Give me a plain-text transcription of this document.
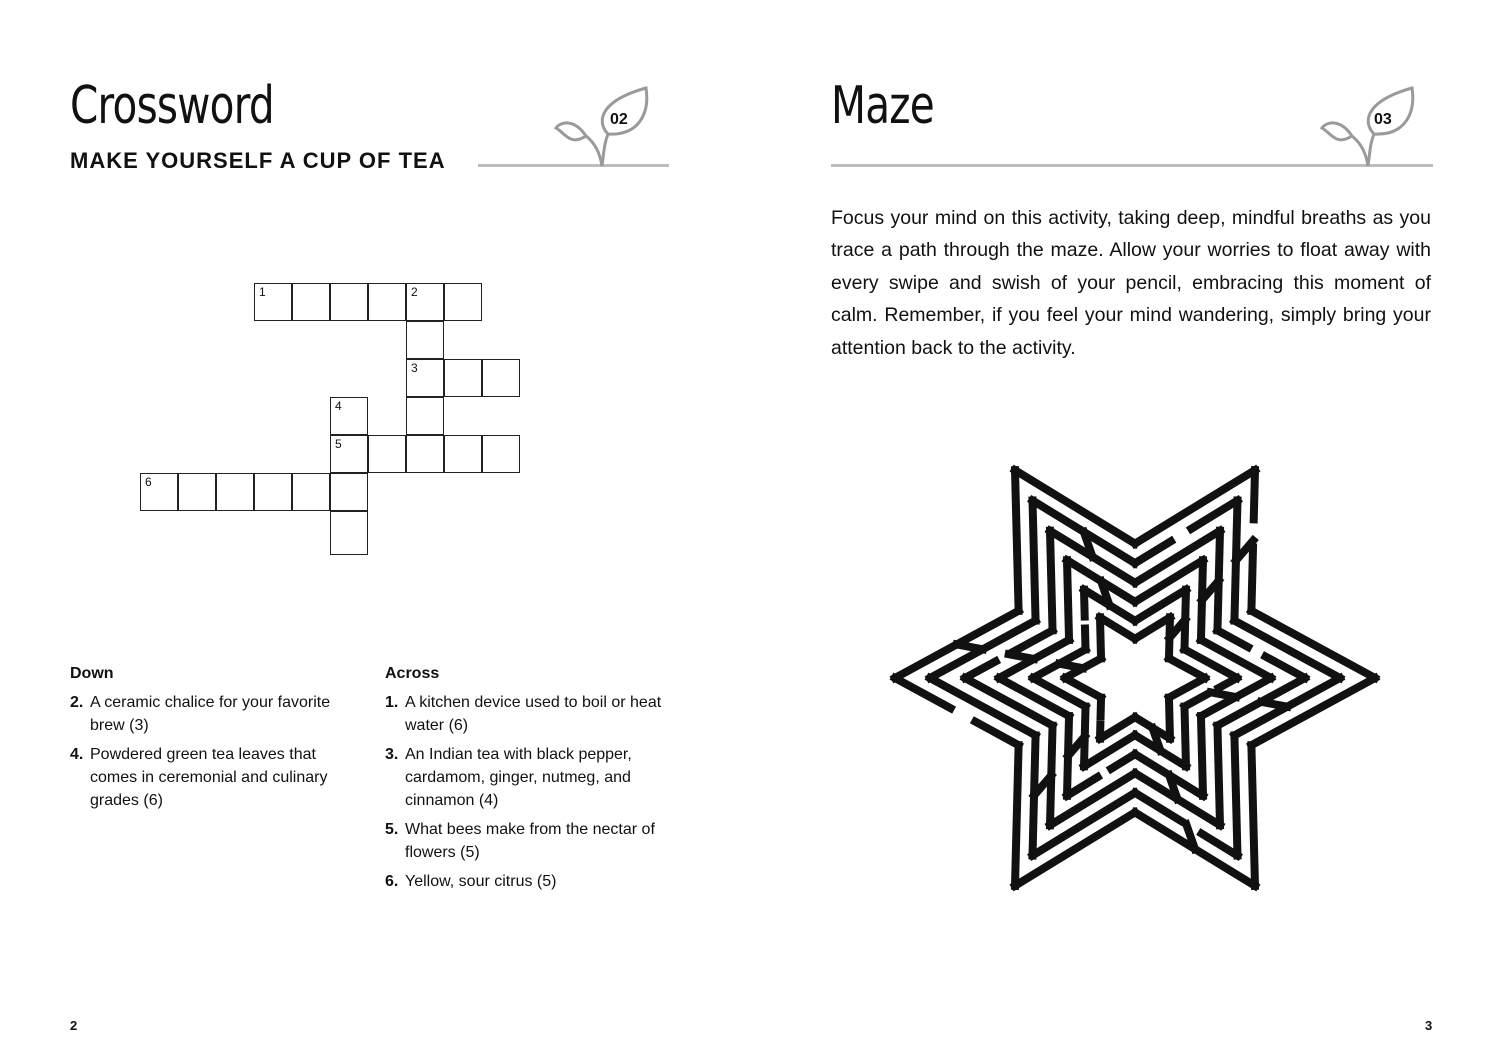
Crossword
MAKE YOURSELF A CUP OF TEA
02
1	2
3
4
5
6
Down
2. A ceramic chalice for your favorite brew (3)
4. Powdered green tea leaves that comes in ceremonial and culinary grades (6)
Across
1. A kitchen device used to boil or heat water (6)
3. An Indian tea with black pepper, cardamom, ginger, nutmeg, and cinnamon (4)
5. What bees make from the nectar of flowers (5)
6. Yellow, sour citrus (5)
2
Maze	03

Focus your mind on this activity, taking deep, mindful breaths as you trace a path through the maze. Allow your worries to float away with every swipe and swish of your pencil, embracing this moment of calm. Remember, if you feel your mind wandering, simply bring your attention back to the activity.

3
